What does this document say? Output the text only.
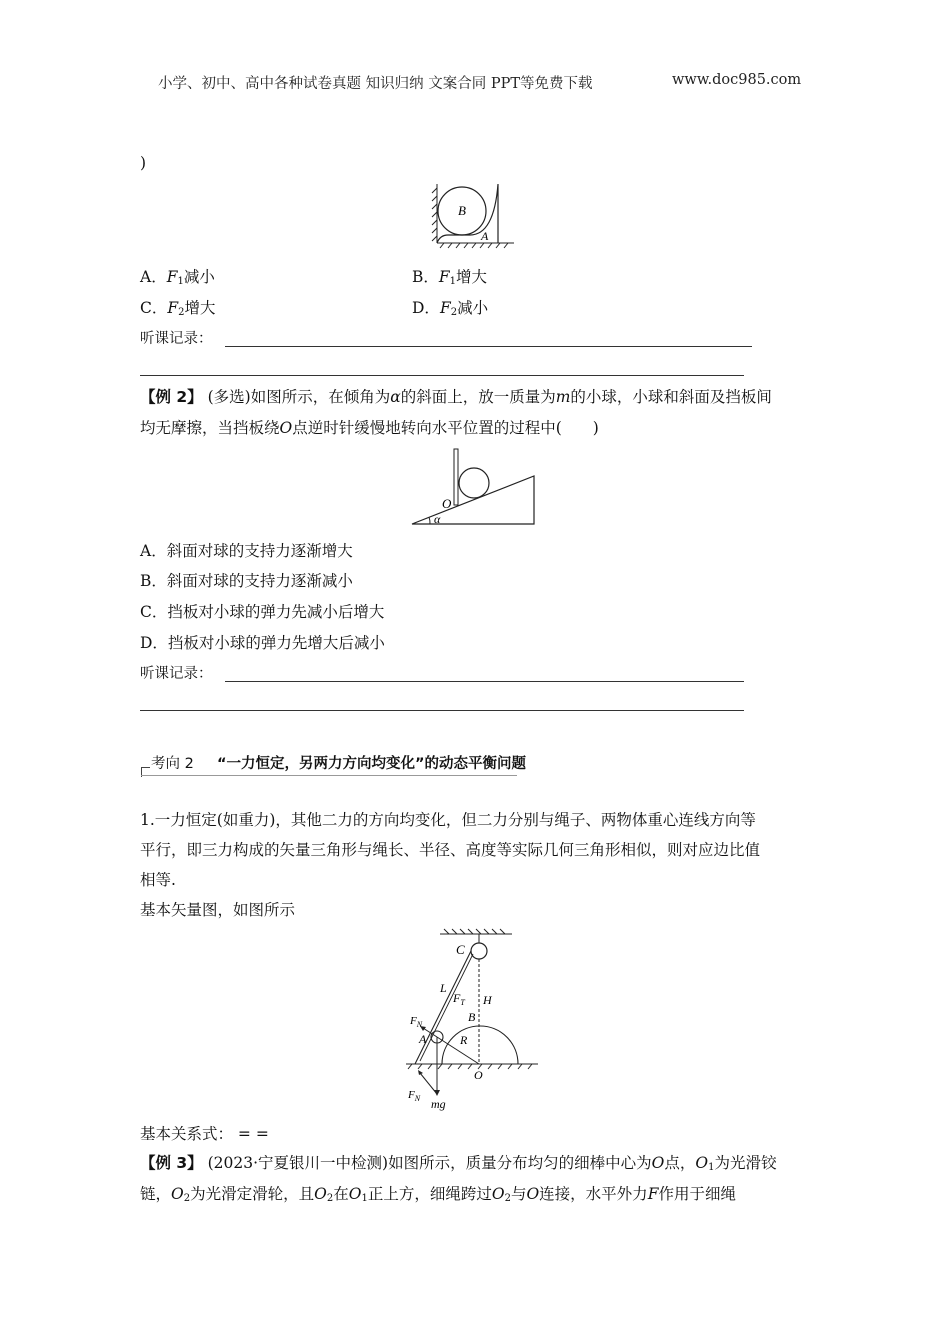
小学、初中、高中各种试卷真题 知识归纳 文案合同 PPT等免费下载	www.doc985.com
)
B
A
A．$F_1$减小	B．$F_1$增大
C．$F_2$增大	D．$F_2$减小
听课记录：
【例 2】 (多选)如图所示，在倾角为α的斜面上，放一质量为m的小球，小球和斜面及挡板间
均无摩擦，当挡板绕O点逆时针缓慢地转向水平位置的过程中(　　)
O
α
A．斜面对球的支持力逐渐增大
B．斜面对球的支持力逐渐减小
C．挡板对小球的弹力先减小后增大
D．挡板对小球的弹力先增大后减小
听课记录：
考向 2 “一力恒定，另两力方向均变化”的动态平衡问题
1.一力恒定(如重力)，其他二力的方向均变化，但二力分别与绳子、两物体重心连线方向等
平行，即三力构成的矢量三角形与绳长、半径、高度等实际几何三角形相似，则对应边比值
相等.
基本矢量图，如图所示
C
L
$F_T$ H
B
$F_N$
A	R
O
$F_N$ mg
基本关系式： = =
【例 3】 (2023·宁夏银川一中检测)如图所示，质量分布均匀的细棒中心为O点，$O_1$为光滑铰
链，$O_2$为光滑定滑轮，且$O_2$在$O_1$正上方，细绳跨过$O_2$与O连接，水平外力F作用于细绳
